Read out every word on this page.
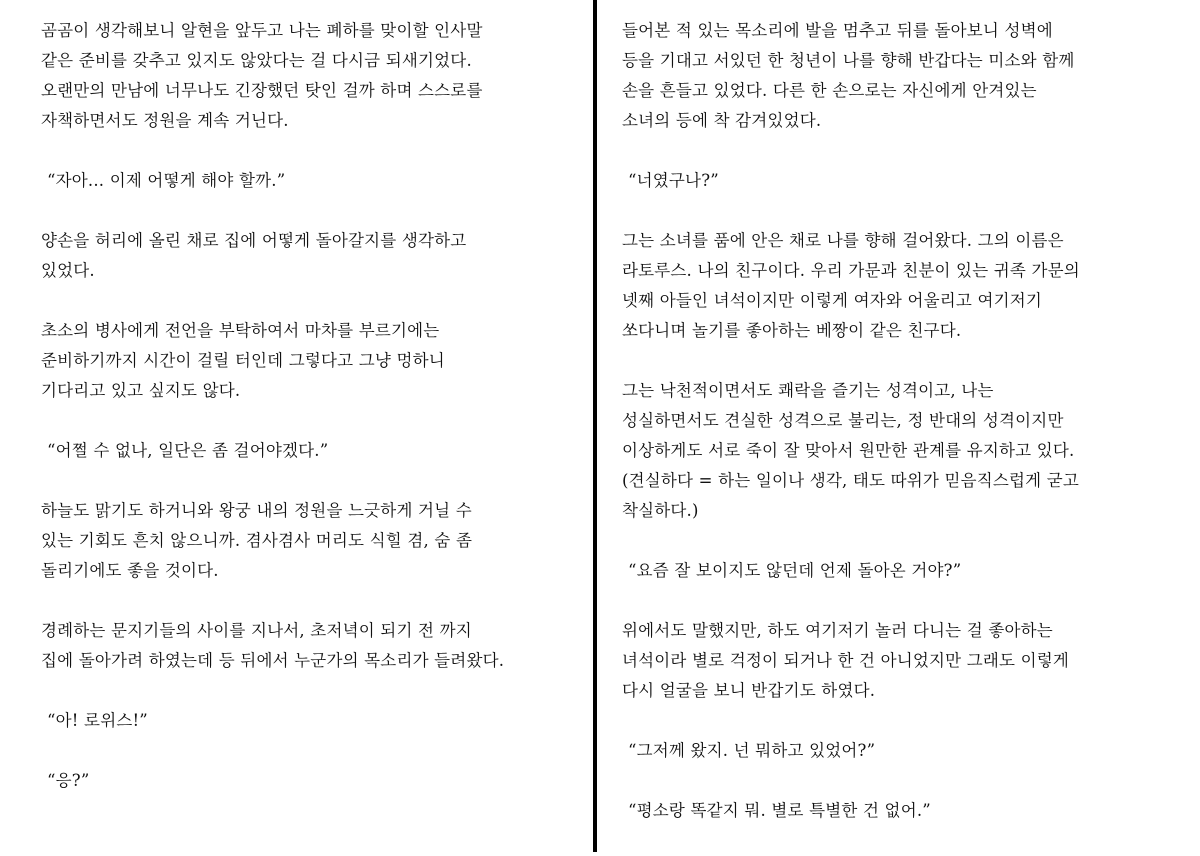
곰곰이 생각해보니 알현을 앞두고 나는 폐하를 맞이할 인사말
같은 준비를 갖추고 있지도 않았다는 걸 다시금 되새기었다.
오랜만의 만남에 너무나도 긴장했던 탓인 걸까 하며 스스로를
자책하면서도 정원을 계속 거닌다.

“자아... 이제 어떻게 해야 할까.”

양손을 허리에 올린 채로 집에 어떻게 돌아갈지를 생각하고
있었다.

초소의 병사에게 전언을 부탁하여서 마차를 부르기에는
준비하기까지 시간이 걸릴 터인데 그렇다고 그냥 멍하니
기다리고 있고 싶지도 않다.

“어쩔 수 없나, 일단은 좀 걸어야겠다.”

하늘도 맑기도 하거니와 왕궁 내의 정원을 느긋하게 거닐 수
있는 기회도 흔치 않으니까. 겸사겸사 머리도 식힐 겸, 숨 좀
돌리기에도 좋을 것이다.

경례하는 문지기들의 사이를 지나서, 초저녁이 되기 전 까지
집에 돌아가려 하였는데 등 뒤에서 누군가의 목소리가 들려왔다.

“아! 로위스!”

“응?”

들어본 적 있는 목소리에 발을 멈추고 뒤를 돌아보니 성벽에
등을 기대고 서있던 한 청년이 나를 향해 반갑다는 미소와 함께
손을 흔들고 있었다. 다른 한 손으로는 자신에게 안겨있는
소녀의 등에 착 감겨있었다.

“너였구나?”

그는 소녀를 품에 안은 채로 나를 향해 걸어왔다. 그의 이름은
라토루스. 나의 친구이다. 우리 가문과 친분이 있는 귀족 가문의
넷째 아들인 녀석이지만 이렇게 여자와 어울리고 여기저기
쏘다니며 놀기를 좋아하는 베짱이 같은 친구다.

그는 낙천적이면서도 쾌락을 즐기는 성격이고, 나는
성실하면서도 견실한 성격으로 불리는, 정 반대의 성격이지만
이상하게도 서로 죽이 잘 맞아서 원만한 관계를 유지하고 있다.
(견실하다 = 하는 일이나 생각, 태도 따위가 믿음직스럽게 굳고
착실하다.)

“요즘 잘 보이지도 않던데 언제 돌아온 거야?”

위에서도 말했지만, 하도 여기저기 놀러 다니는 걸 좋아하는
녀석이라 별로 걱정이 되거나 한 건 아니었지만 그래도 이렇게
다시 얼굴을 보니 반갑기도 하였다.

“그저께 왔지. 넌 뭐하고 있었어?”

“평소랑 똑같지 뭐. 별로 특별한 건 없어.”
